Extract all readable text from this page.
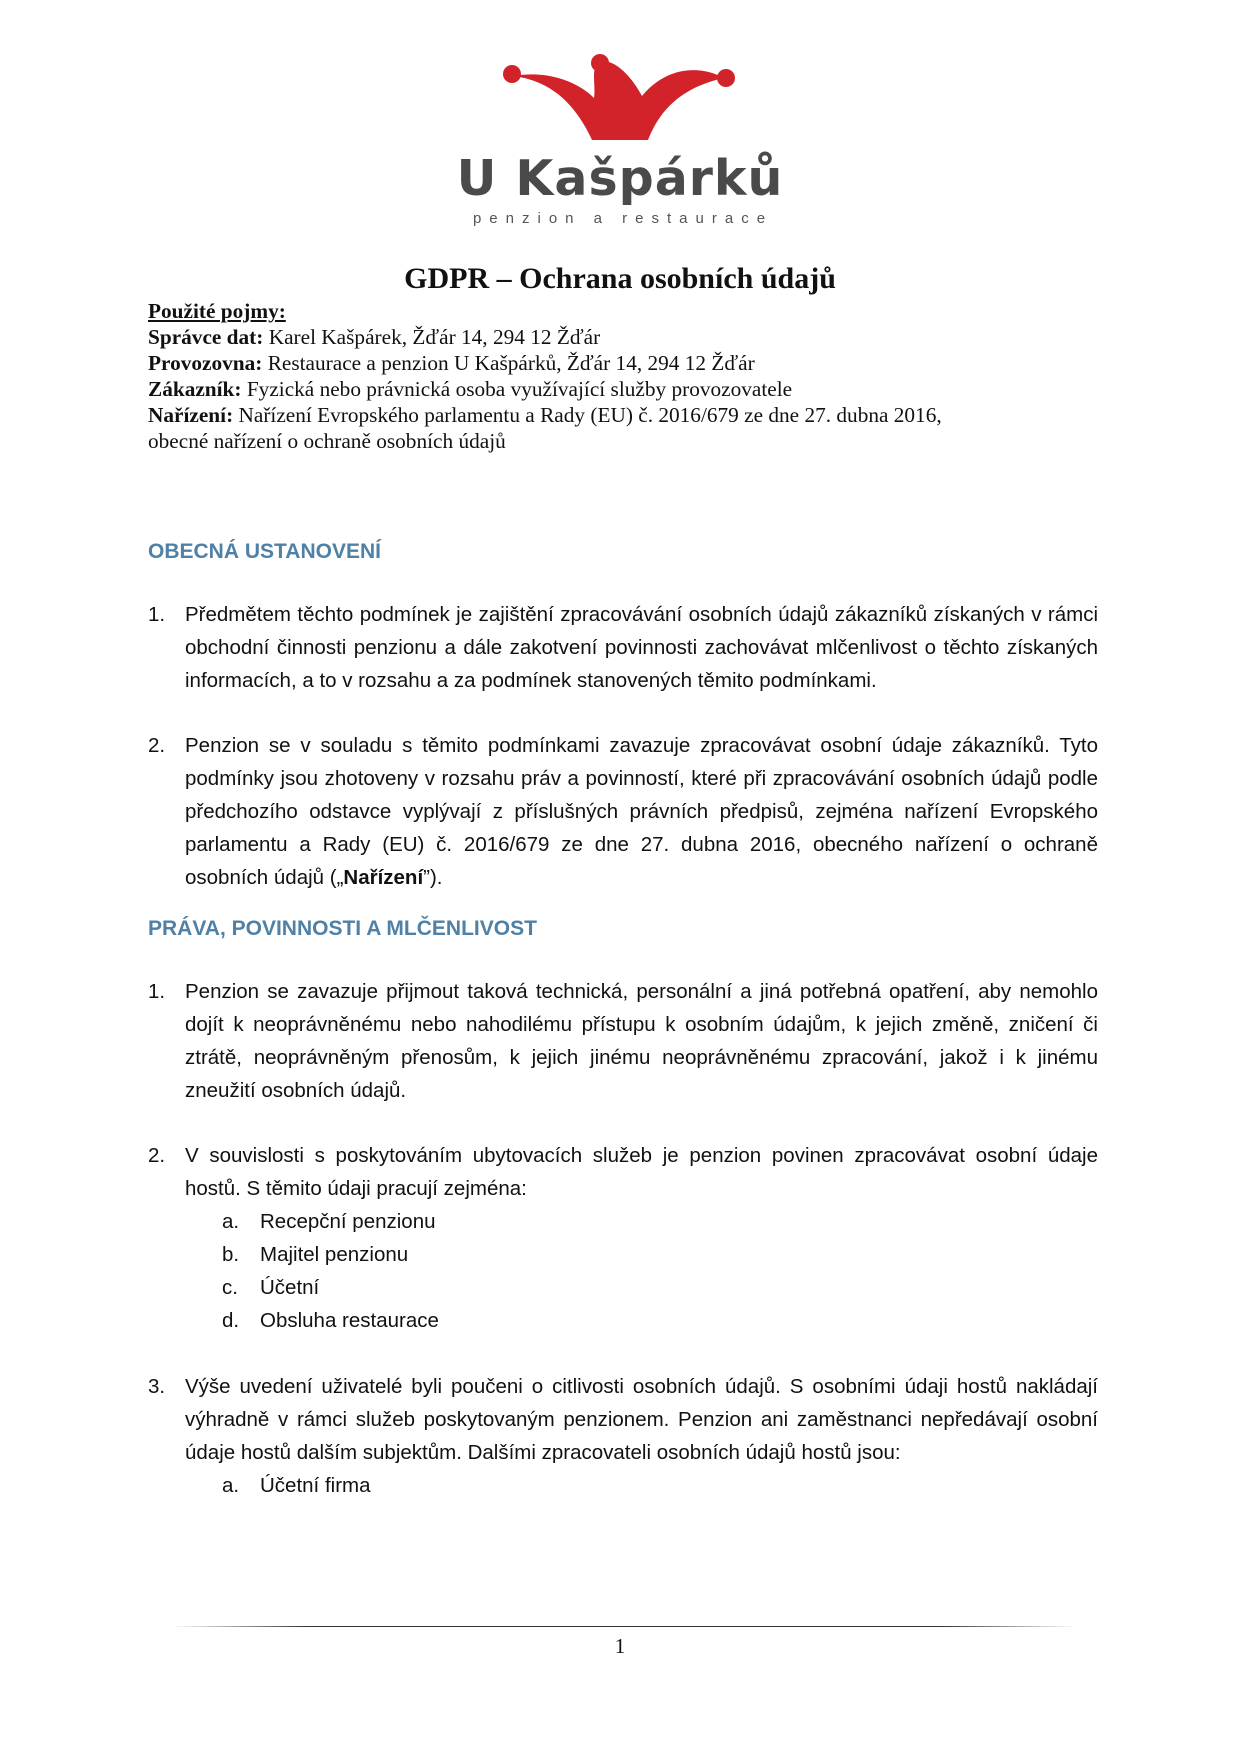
U Kašpárků
penzion a restaurace
GDPR – Ochrana osobních údajů
Použité pojmy:
Správce dat: Karel Kašpárek, Žďár 14, 294 12 Žďár
Provozovna: Restaurace a penzion U Kašpárků, Žďár 14, 294 12 Žďár
Zákazník: Fyzická nebo právnická osoba využívající služby provozovatele
Nařízení: Nařízení Evropského parlamentu a Rady (EU) č. 2016/679 ze dne 27. dubna 2016,
obecné nařízení o ochraně osobních údajů
OBECNÁ USTANOVENÍ
1. Předmětem těchto podmínek je zajištění zpracovávání osobních údajů zákazníků získaných v rámci obchodní činnosti penzionu a dále zakotvení povinnosti zachovávat mlčenlivost o těchto získaných informacích, a to v rozsahu a za podmínek stanovených těmito podmínkami.
2. Penzion se v souladu s těmito podmínkami zavazuje zpracovávat osobní údaje zákazníků. Tyto podmínky jsou zhotoveny v rozsahu práv a povinností, které při zpracovávání osobních údajů podle předchozího odstavce vyplývají z příslušných právních předpisů, zejména nařízení Evropského parlamentu a Rady (EU) č. 2016/679 ze dne 27. dubna 2016, obecného nařízení o ochraně osobních údajů („Nařízení”).
PRÁVA, POVINNOSTI A MLČENLIVOST
1. Penzion se zavazuje přijmout taková technická, personální a jiná potřebná opatření, aby nemohlo dojít k neoprávněnému nebo nahodilému přístupu k osobním údajům, k jejich změně, zničení či ztrátě, neoprávněným přenosům, k jejich jinému neoprávněnému zpracování, jakož i k jinému zneužití osobních údajů.
2. V souvislosti s poskytováním ubytovacích služeb je penzion povinen zpracovávat osobní údaje hostů. S těmito údaji pracují zejména:
a. Recepční penzionu
b. Majitel penzionu
c. Účetní
d. Obsluha restaurace
3. Výše uvedení uživatelé byli poučeni o citlivosti osobních údajů. S osobními údaji hostů nakládají výhradně v rámci služeb poskytovaným penzionem. Penzion ani zaměstnanci nepředávají osobní údaje hostů dalším subjektům. Dalšími zpracovateli osobních údajů hostů jsou:
a. Účetní firma
1
